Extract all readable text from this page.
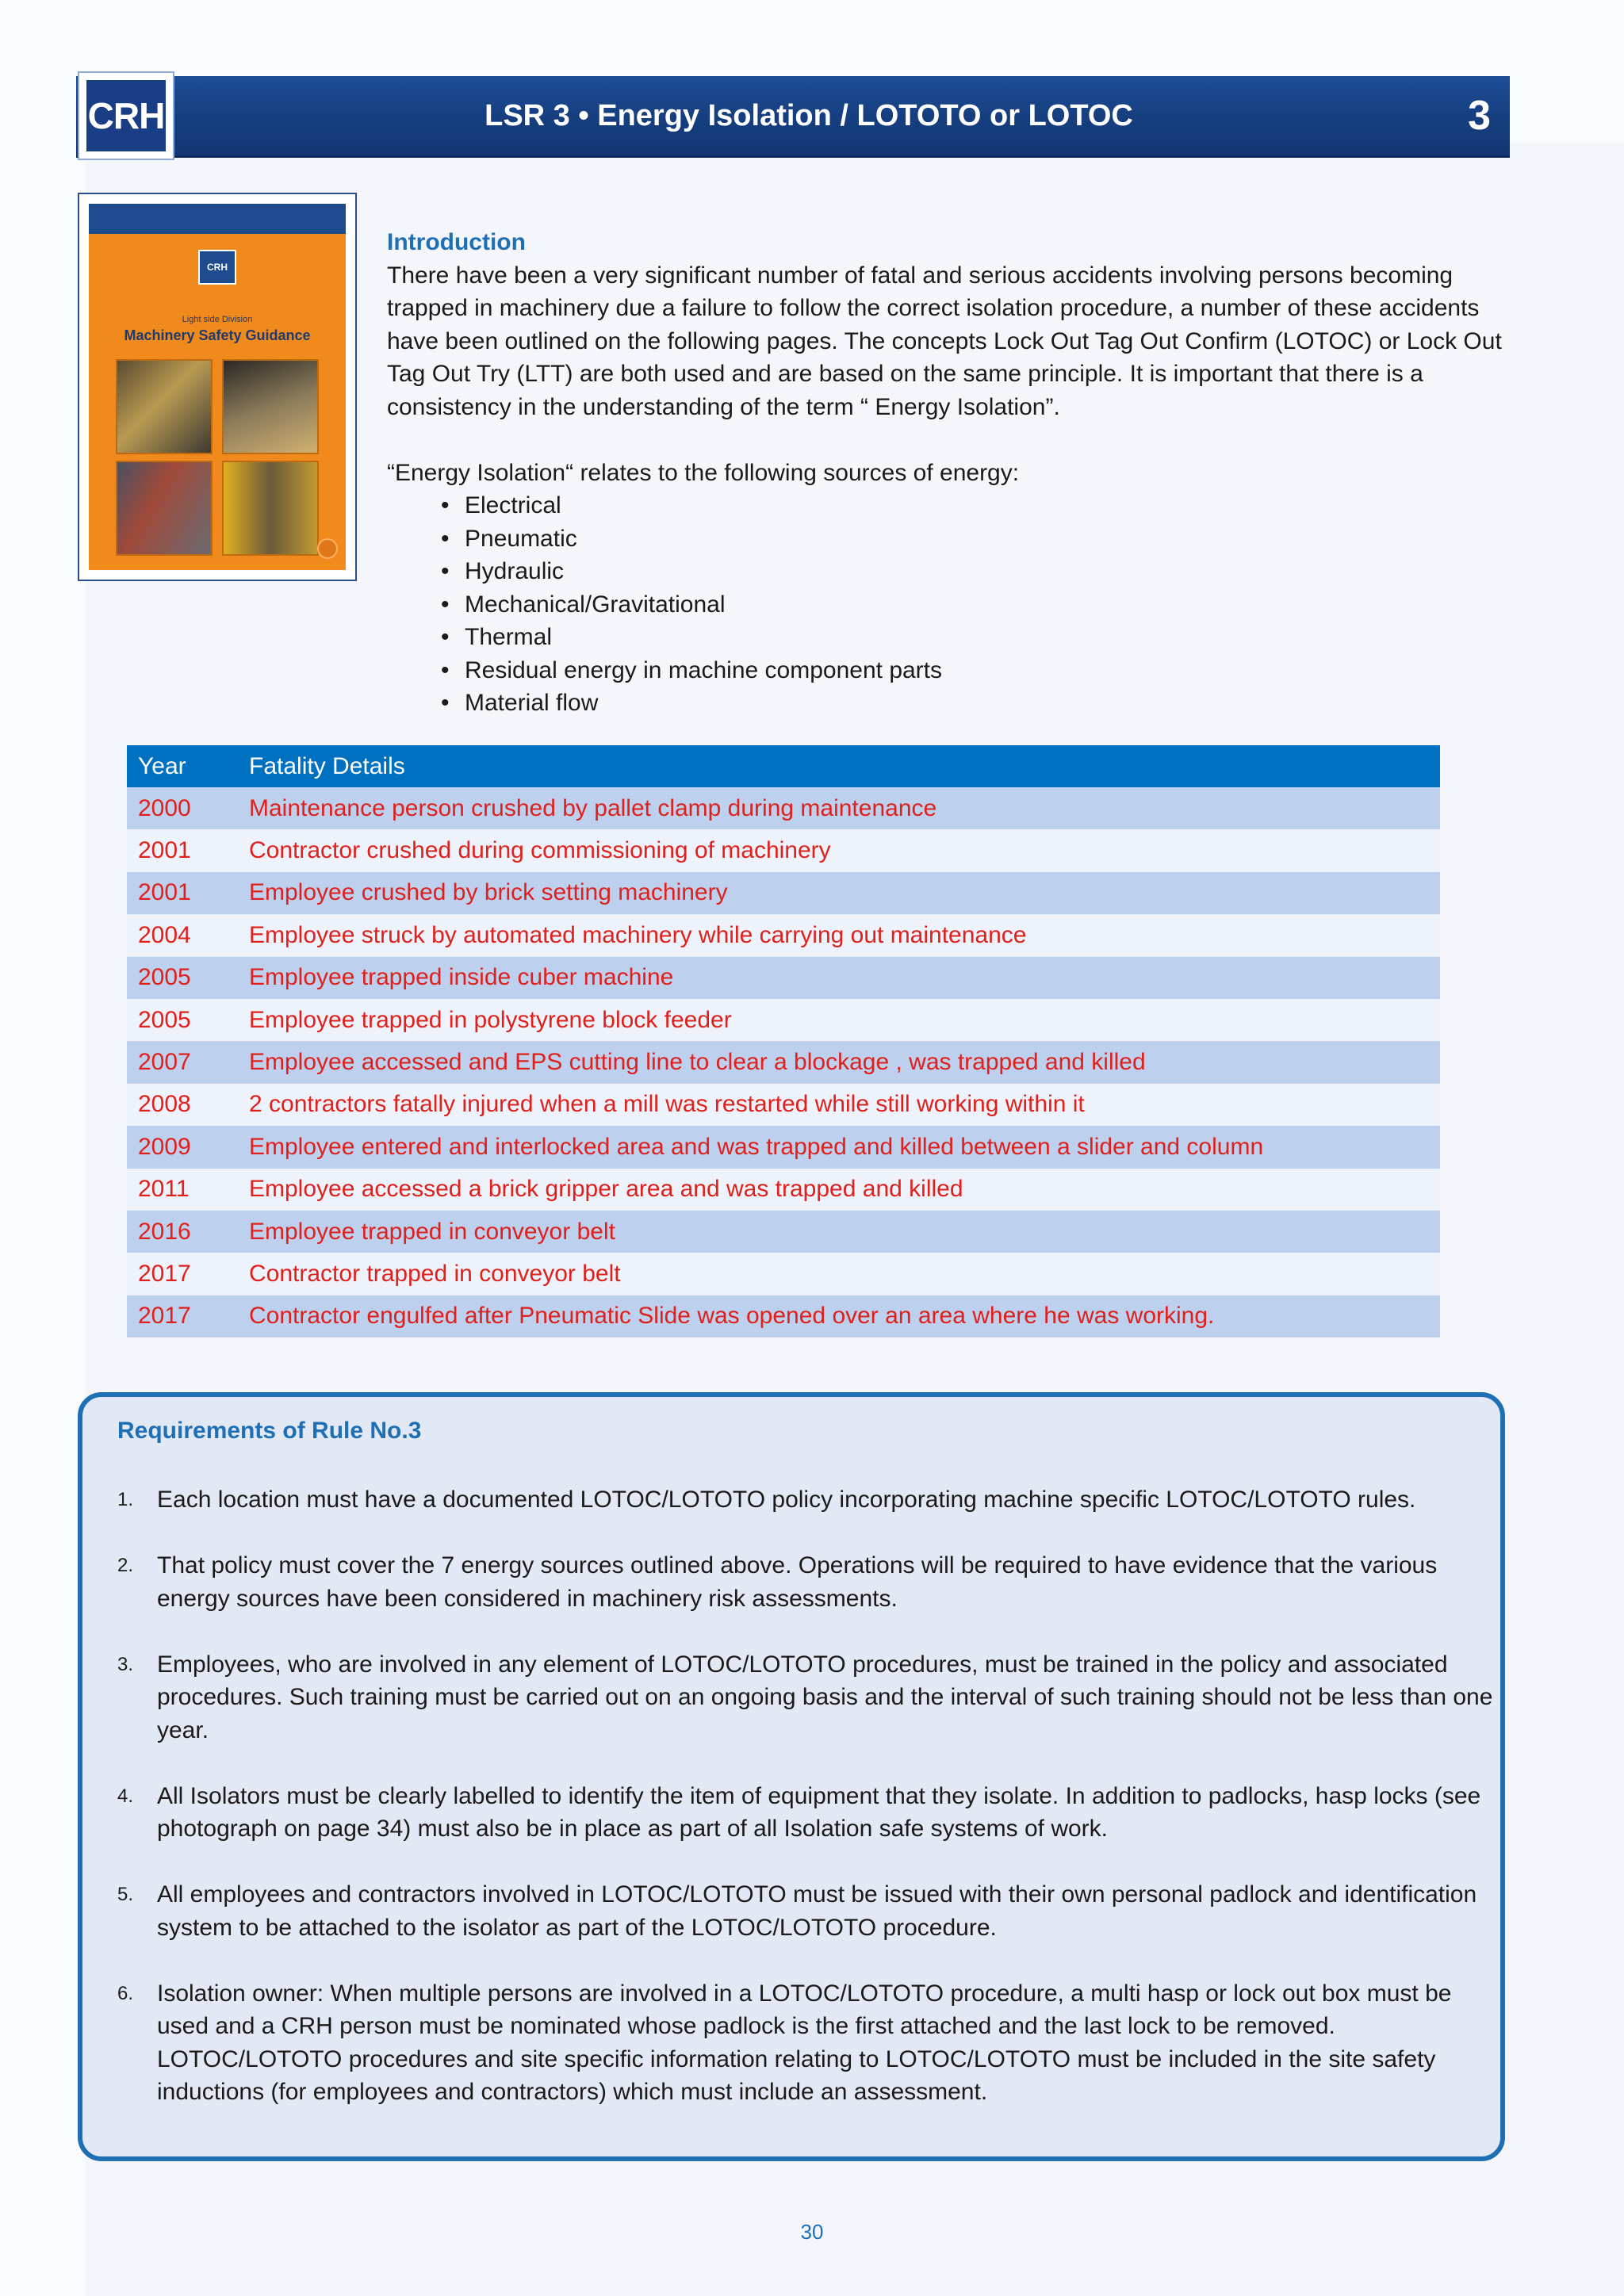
CRH	LSR 3 • Energy Isolation / LOTOTO or LOTOC	3
CRH
Light side Division
Machinery Safety Guidance

Introduction

There have been a very significant number of fatal and serious accidents involving persons becoming trapped in machinery due a failure to follow the correct isolation procedure, a number of these accidents have been outlined on the following pages. The concepts Lock Out Tag Out Confirm (LOTOC) or Lock Out Tag Out Try (LTT) are both used and are based on the same principle. It is important that there is a consistency in the understanding of the term “ Energy Isolation”.

“Energy Isolation“ relates to the following sources of energy:

• Electrical
• Pneumatic
• Hydraulic
• Mechanical/Gravitational
• Thermal
• Residual energy in machine component parts
• Material flow
Year	Fatality Details
2000	Maintenance person crushed by pallet clamp during maintenance
2001	Contractor crushed during commissioning of machinery
2001	Employee crushed by brick setting machinery
2004	Employee struck by automated machinery while carrying out maintenance
2005	Employee trapped inside cuber machine
2005	Employee trapped in polystyrene block feeder
2007	Employee accessed and EPS cutting line to clear a blockage , was trapped and killed
2008	2 contractors fatally injured when a mill was restarted while still working within it
2009	Employee entered and interlocked area and was trapped and killed between a slider and column
2011	Employee accessed a brick gripper area and was trapped and killed
2016	Employee trapped in conveyor belt
2017	Contractor trapped in conveyor belt
2017	Contractor engulfed after Pneumatic Slide was opened over an area where he was working.
Requirements of Rule No.3
1. Each location must have a documented LOTOC/LOTOTO policy incorporating machine specific LOTOC/LOTOTO rules.
2. That policy must cover the 7 energy sources outlined above. Operations will be required to have evidence that the various energy sources have been considered in machinery risk assessments.
3. Employees, who are involved in any element of LOTOC/LOTOTO procedures, must be trained in the policy and associated procedures. Such training must be carried out on an ongoing basis and the interval of such training should not be less than one year.
4. All Isolators must be clearly labelled to identify the item of equipment that they isolate. In addition to padlocks, hasp locks (see photograph on page 34) must also be in place as part of all Isolation safe systems of work.
5. All employees and contractors involved in LOTOC/LOTOTO must be issued with their own personal padlock and identification system to be attached to the isolator as part of the LOTOC/LOTOTO procedure.
6. Isolation owner: When multiple persons are involved in a LOTOC/LOTOTO procedure, a multi hasp or lock out box must be used and a CRH person must be nominated whose padlock is the first attached and the last lock to be removed. LOTOC/LOTOTO procedures and site specific information relating to LOTOC/LOTOTO must be included in the site safety inductions (for employees and contractors) which must include an assessment.
30
